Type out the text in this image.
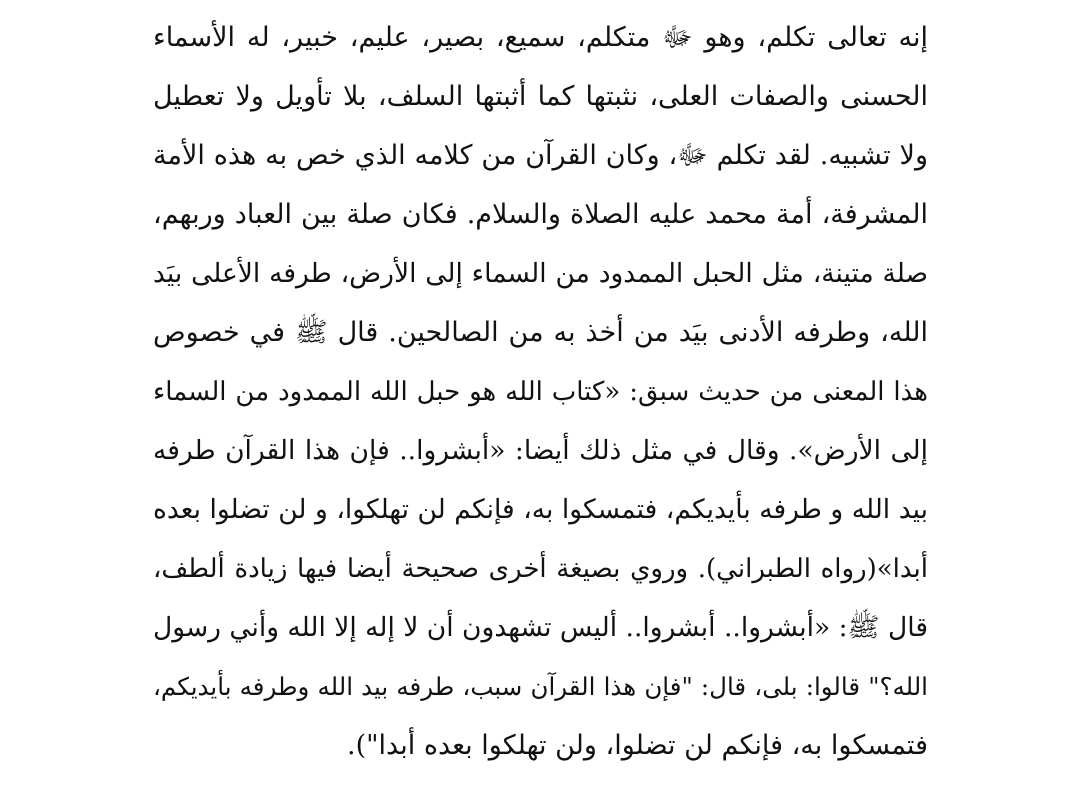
إنه تعالى تكلم، وهو ﷻ متكلم، سميع، بصير، عليم، خبير، له الأسماء
الحسنى والصفات العلى، نثبتها كما أثبتها السلف، بلا تأويل ولا تعطيل
ولا تشبيه. لقد تكلم ﷻ، وكان القرآن من كلامه الذي خص به هذه الأمة
المشرفة، أمة محمد عليه الصلاة والسلام. فكان صلة بين العباد وربهم،
صلة متينة، مثل الحبل الممدود من السماء إلى الأرض، طرفه الأعلى بيَد
الله، وطرفه الأدنى بيَد من أخذ به من الصالحين. قال ﷺ في خصوص
هذا المعنى من حديث سبق: «كتاب الله هو حبل الله الممدود من السماء
إلى الأرض». وقال في مثل ذلك أيضا: «أبشروا.. فإن هذا القرآن طرفه
بيد الله و طرفه بأيديكم، فتمسكوا به، فإنكم لن تهلكوا، و لن تضلوا بعده
أبدا»(رواه الطبراني). وروي بصيغة أخرى صحيحة أيضا فيها زيادة ألطف،
قال ﷺ: «أبشروا.. أبشروا.. أليس تشهدون أن لا إله إلا الله وأني رسول
الله؟" قالوا: بلى، قال: "فإن هذا القرآن سبب، طرفه بيد الله وطرفه بأيديكم،
فتمسكوا به، فإنكم لن تضلوا، ولن تهلكوا بعده أبدا").
